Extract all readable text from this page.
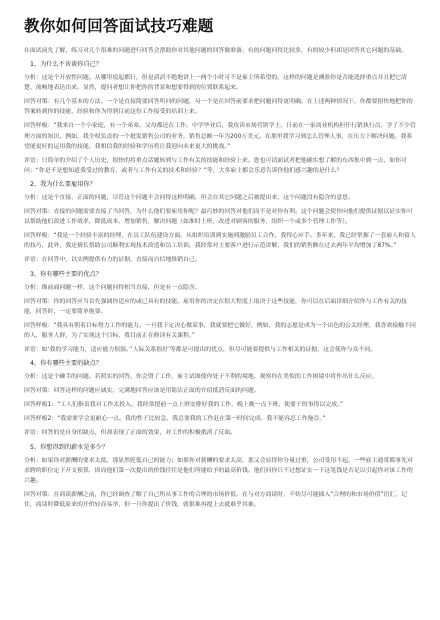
教你如何回答面试技巧难题
在面试前先了解，练习对几个很难的问题进行回答会帮助你对其他问题的回答做准备。有的问题问得比较多，有的较少但却是回答其它问题的基础。
1、为什么不该谈你自己？
分析：这是个开放性问题。从哪里说起都行，但是滔滔不绝地讲上一两个小时可不是雇主所希望的。这样的问题是测验你是否能选择重点并且把它清楚、流畅地表达出来。显然，提问者想让你把你的背景和想要得到的位置联系起来。
回答对策：有几个基本的方法。一个是直接简要回答所问的问题，另一个是在回答前要求把问题问得更明确。在上述两种情况下，你都要很快地把你的答案转到你的技能、经验和你为得到目前这份工作接受的培训上来。
回答样板：“我来自一个小家庭，有一个弟弟，父母都还在工作。中学毕业后，我攻读市场营销学士。日前在一家商业机构担任行销执行员，学了不少管理方面的知识，例如，我全权负责的一个批发销售公司的业务，销售总额一年为200万美元。在那里我学习到怎么管理人事，在压力下解决问题。我希望能更好的运用我的技能。我相信我的经验和学历将让我迎向未来更大的挑战。”
评语：只简单的介绍了个人历史，很快的将重点话题转到与工作有关的技能和经验上来。您也可请面试者把他确实想了解的东西集中到一点，如你可问：“你是不是想知道我受过的教育，或者与工作有关的技术和经验？”等，大多雇主都会乐意告诉你他们感兴趣的是什么？
2、我为什么要雇用你？
分析：这是个直接、正面的问题，尽管这个问题不会问得这样明确，但会在其它问题之后被提出来，这个问题没有隐含的意思。
回答对策：直接的问题需要直接了当回答，为什么他们要雇用你呢？最巧妙的回答对他们而不是对你有利。这个问题会使你向他们提供证据以证实你可以帮助他们改进工作效率，降低成本、增加销售，解决问题（如准时上班，改进对顾客的服务，组织一个或多个管理工作等）。
回答样板：“我是一个经验丰富的经理，在员工队伍建设方面，从组织培训到实施到激励员工合作，我得心应手。多年来，我已经掌握了一套雇人和留人的技巧，此外，我还擅长帮助公司顺利实现技术改造和员工培训。我经常对主要客户进行示范讲解，我们的销售额在过去两年平均增加了87%。”
评语：在回答中，以实例提供有力的证据，直接而自信地推销自己。
3、你有哪些主要的优点？
分析：像前面问题一样，这个问题问得相当直接，但是有一点隐含。
回答对策：你的回答应当首先强调你适应的或已具有的技能。雇用你的决定在很大程度上取决于这些技能，你可以在后面详细介绍你与工作有关的技能，回答时，一定要简单扼要。
回答样板：“我具有朝着目标努力工作的能力。一旦我下定决心做某事，我就要把它做好，例如，我的志愿是成为一个出色的公关经理，我喜欢接触不同的人，服务人群，为了实现这个目标，我目前正在修读有关课程。”
评语：如‘我的学习能力，适应能力很强。’‘人际关系很好’等都是可提出的优点，但尽可能要提供与工作相关的证据，这会使你与众不同。
4、你有哪些主要的缺点？
分析：这是个棘手的问题。若照实的回答，你会毁了工作，雇主试图使你处于不利的境地，观察你在类似的工作困境中将作出什么反应。
回答对策：回答这样的问题应诚实，完满地回答应该是用简洁正面的介绍抵消反面的问题。
回答样板1：“工人们指责我对工作太投入。我经常提前一点上班安排好我的工作，晚上晚一点下班，使要干的事得以完成。”
回答样板2：“我需要学会更耐心一点。我的性子比较急，我总要我的工作赶在第一时间完成。我不能容忍工作拖沓。”
评语：回答的是自身的缺点，但却表现了正面的效果，对工作的积极抵消了反面。
5、你想得到的薪水是多少？
分析：如果你对薪酬的要求太低，那显然贬低自己的能力；如果你对薪酬的要求太高，那又会显得你分量过重，公司受用不起。一些雇主通常都事先对求聘的职位定下开支预算，因而他们第一次提出的价钱往往是他们所能给予的最高价钱。他们问你只不过想证实一下这笔钱是否足以引起你对该工作的兴趣。
回答对策：在商谈薪酬之前，你已经调查了解了自己所从事工作的合理的市场价值。在与对方商谈时，不妨尽可能插入“合理的和市场价值”语汇。记住，商谈时降低原来的开价轻而易举，但一旦你提出了价钱，就很难再提上去就难乎其难。
